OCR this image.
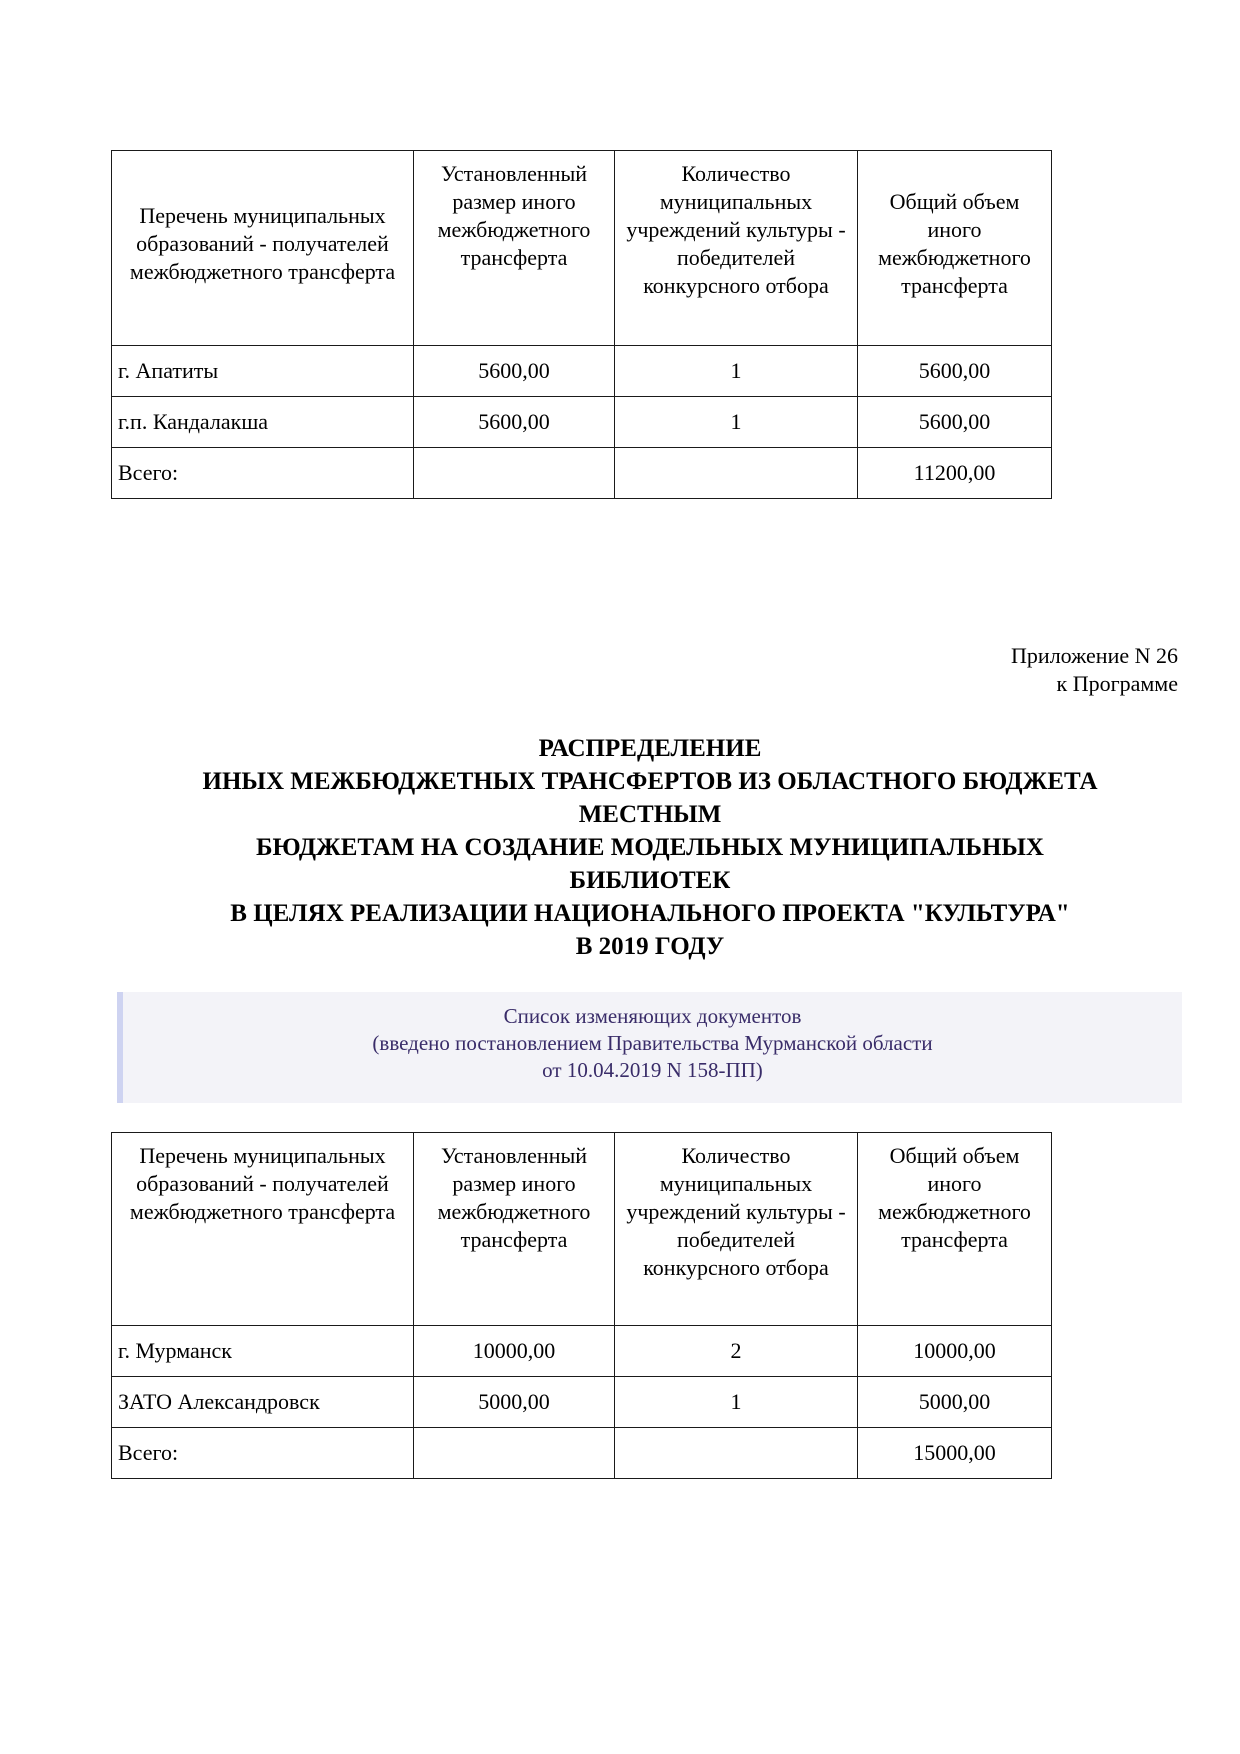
Перечень муниципальных образований - получателей межбюджетного трансферта	Установленный размер иного межбюджетного трансферта	Количество муниципальных учреждений культуры - победителей конкурсного отбора	Общий объем иного межбюджетного трансферта
г. Апатиты	5600,00	1	5600,00
г.п. Кандалакша	5600,00	1	5600,00
Всего:			11200,00
Приложение N 26
к Программе
РАСПРЕДЕЛЕНИЕ
ИНЫХ МЕЖБЮДЖЕТНЫХ ТРАНСФЕРТОВ ИЗ ОБЛАСТНОГО БЮДЖЕТА
МЕСТНЫМ
БЮДЖЕТАМ НА СОЗДАНИЕ МОДЕЛЬНЫХ МУНИЦИПАЛЬНЫХ
БИБЛИОТЕК
В ЦЕЛЯХ РЕАЛИЗАЦИИ НАЦИОНАЛЬНОГО ПРОЕКТА "КУЛЬТУРА"
В 2019 ГОДУ
Список изменяющих документов
(введено постановлением Правительства Мурманской области
от 10.04.2019 N 158-ПП)
Перечень муниципальных образований - получателей межбюджетного трансферта	Установленный размер иного межбюджетного трансферта	Количество муниципальных учреждений культуры - победителей конкурсного отбора	Общий объем иного межбюджетного трансферта
г. Мурманск	10000,00	2	10000,00
ЗАТО Александровск	5000,00	1	5000,00
Всего:			15000,00
